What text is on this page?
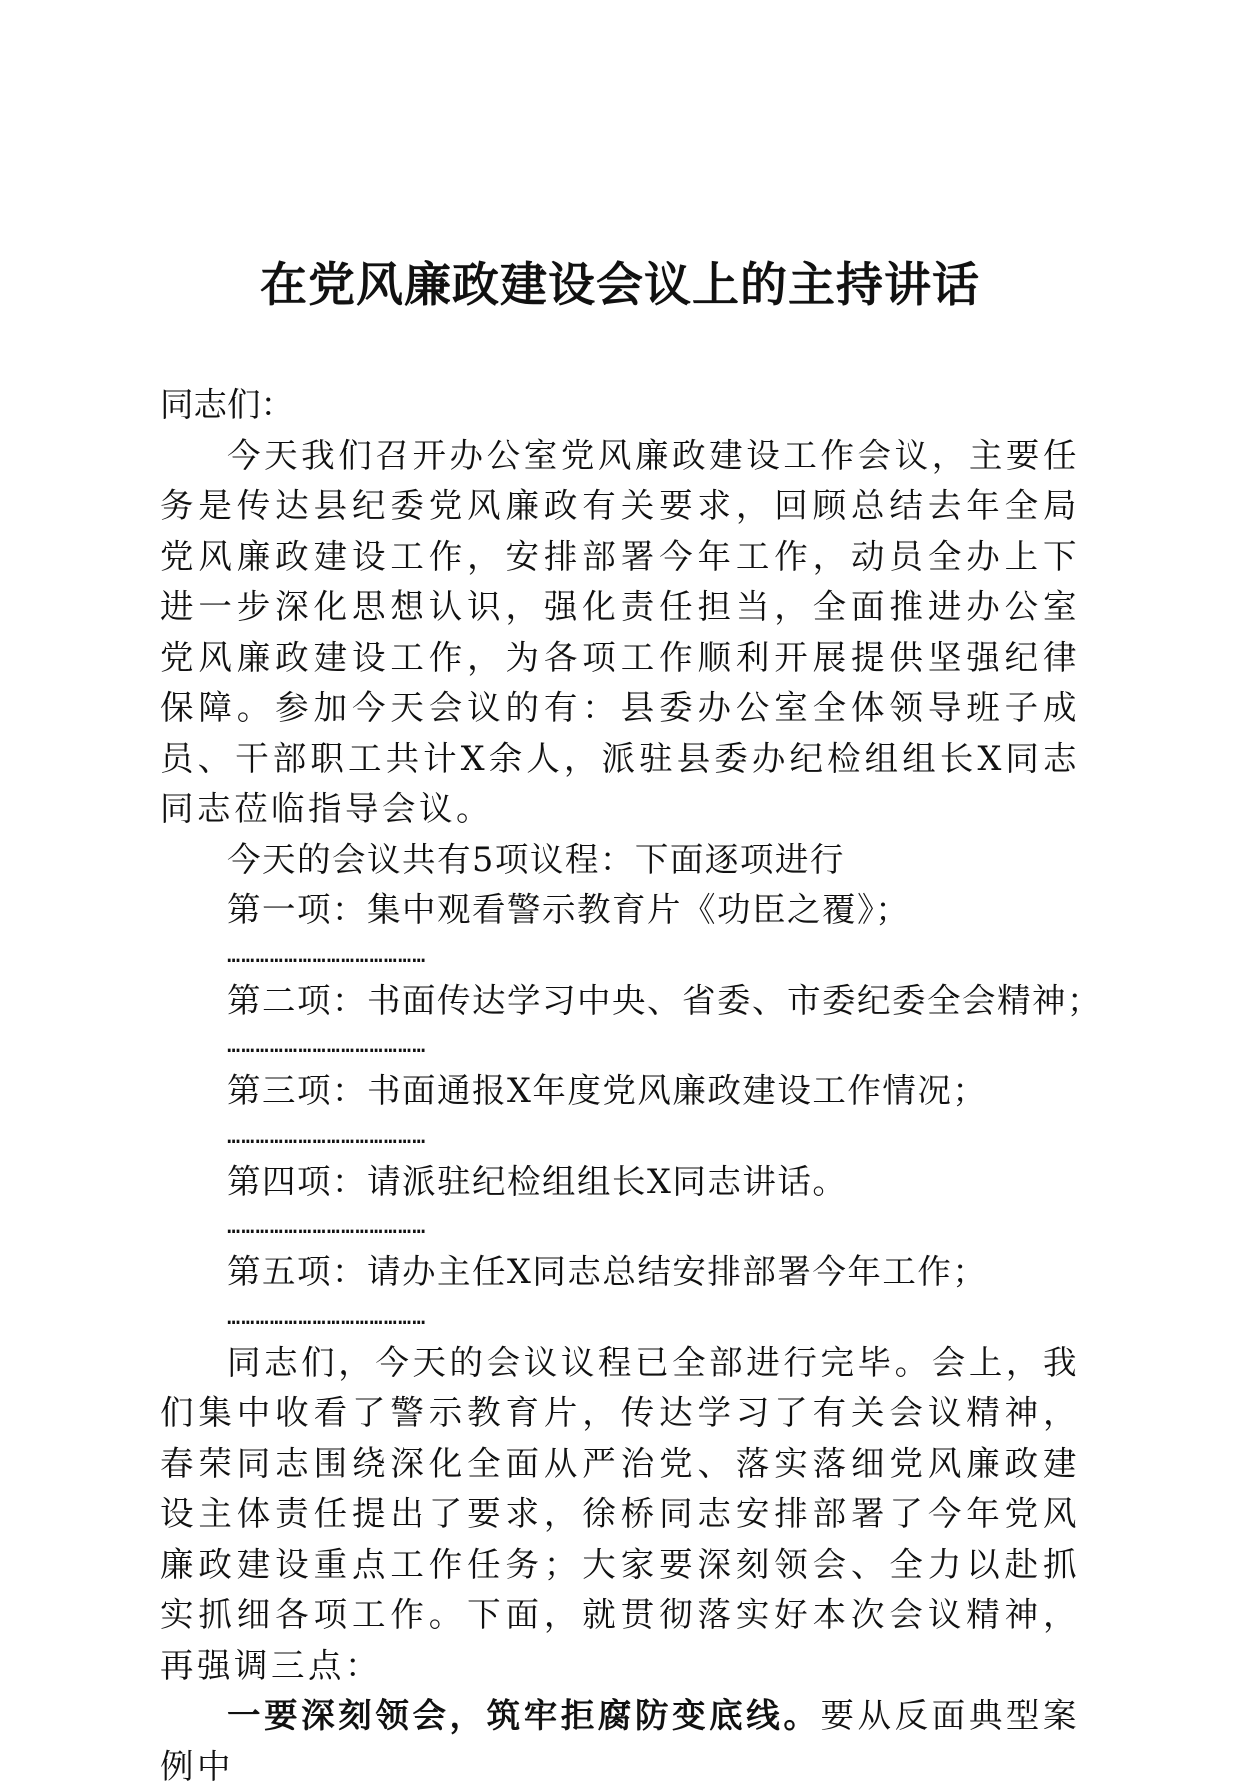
在党风廉政建设会议上的主持讲话

同志们：

今天我们召开办公室党风廉政建设工作会议，主要任务是传达县纪委党风廉政有关要求，回顾总结去年全局党风廉政建设工作，安排部署今年工作，动员全办上下进一步深化思想认识，强化责任担当，全面推进办公室党风廉政建设工作，为各项工作顺利开展提供坚强纪律保障。参加今天会议的有：县委办公室全体领导班子成员、干部职工共计X余人，派驻县委办纪检组组长X同志同志莅临指导会议。

今天的会议共有5项议程：下面逐项进行

第一项：集中观看警示教育片《功臣之覆》；

……………………………………

第二项：书面传达学习中央、省委、市委纪委全会精神；

……………………………………

第三项：书面通报X年度党风廉政建设工作情况；

……………………………………

第四项：请派驻纪检组组长X同志讲话。

……………………………………

第五项：请办主任X同志总结安排部署今年工作；

……………………………………

同志们，今天的会议议程已全部进行完毕。会上，我们集中收看了警示教育片，传达学习了有关会议精神，春荣同志围绕深化全面从严治党、落实落细党风廉政建设主体责任提出了要求，徐桥同志安排部署了今年党风廉政建设重点工作任务；大家要深刻领会、全力以赴抓实抓细各项工作。下面，就贯彻落实好本次会议精神，再强调三点：

一要深刻领会，筑牢拒腐防变底线。要从反面典型案例中
